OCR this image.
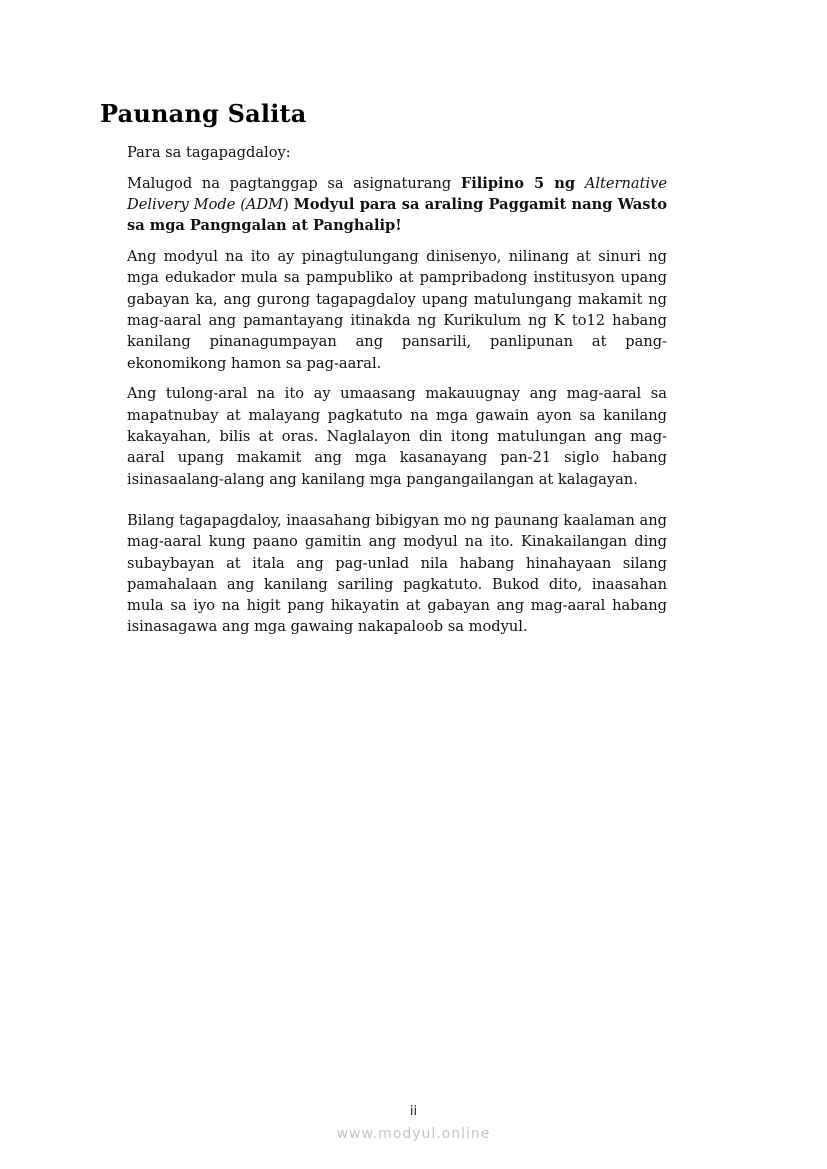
Paunang Salita

Para sa tagapagdaloy:

Malugod na pagtanggap sa asignaturang Filipino 5 ng Alternative Delivery Mode (ADM) Modyul para sa araling Paggamit nang Wasto sa mga Pangngalan at Panghalip!

Ang modyul na ito ay pinagtulungang dinisenyo, nilinang at sinuri ng mga edukador mula sa pampubliko at pampribadong institusyon upang gabayan ka, ang gurong tagapagdaloy upang matulungang makamit ng mag-aaral ang pamantayang itinakda ng Kurikulum ng K to12 habang kanilang pinanagumpayan ang pansarili, panlipunan at pang-ekonomikong hamon sa pag-aaral.

Ang tulong-aral na ito ay umaasang makauugnay ang mag-aaral sa mapatnubay at malayang pagkatuto na mga gawain ayon sa kanilang kakayahan, bilis at oras. Naglalayon din itong matulungan ang mag-aaral upang makamit ang mga kasanayang pan-21 siglo habang isinasaalang-alang ang kanilang mga pangangailangan at kalagayan.

Bilang tagapagdaloy, inaasahang bibigyan mo ng paunang kaalaman ang mag-aaral kung paano gamitin ang modyul na ito. Kinakailangan ding subaybayan at itala ang pag-unlad nila habang hinahayaan silang pamahalaan ang kanilang sariling pagkatuto. Bukod dito, inaasahan mula sa iyo na higit pang hikayatin at gabayan ang mag-aaral habang isinasagawa ang mga gawaing nakapaloob sa modyul.

ii
www.modyul.online
